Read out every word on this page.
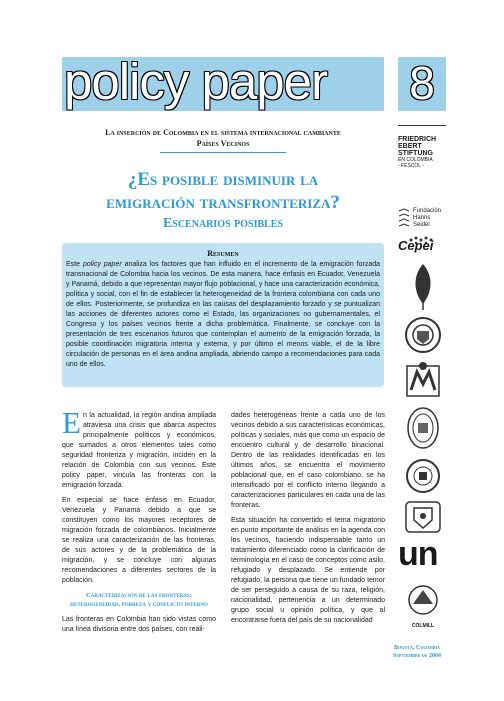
policy paper 8
La inserción de Colombia en el sistema internacional cambiante
Países Vecinos
¿Es posible disminuir la
emigración transfronteriza?
Escenarios posibles
Resumen
Este policy paper analiza los factores que han influido en el incremento de la emigración forzada transnacional de Colombia hacia los vecinos. De esta manera, hace énfasis en Ecuador, Venezuela y Panamá, debido a que representan mayor flujo poblacional, y hace una caracterización económica, política y social, con el fin de establecer la heterogeneidad de la frontera colombiana con cada uno de ellos. Posteriormente, se profundiza en las causas del desplazamiento forzado y se puntualizan las acciones de diferentes actores como el Estado, las organizaciones no gubernamentales, el Congreso y los países vecinos frente a dicha problemática. Finalmente, se concluye con la presentación de tres escenarios futuros que contemplan el aumento de la emigración forzada, la posible coordinación migratoria interna y externa, y por último el menos viable, el de la libre circulación de personas en el área andina ampliada, abriendo campo a recomendaciones para cada uno de ellos.

En la actualidad, la región andina ampliada atraviesa una crisis que abarca aspectos principalmente políticos y económicos, que sumados a otros elementos tales como seguridad fronteriza y migración, inciden en la relación de Colombia con sus vecinos. Este policy paper, vincula las fronteras con la emigración forzada.

En especial se hace énfasis en Ecuador, Venezuela y Panamá debido a que se constituyen como los mayores receptores de migración forzada de colombianos. Inicialmente se realiza una caracterización de las fronteras, de sus actores y de la problemática de la migración, y se concluye con algunas recomendaciones a diferentes sectores de la población.

Caracterización de las fronteras: heterogeneidad, pobreza y conflicto interno

Las fronteras en Colombia han sido vistas como una línea divisoria entre dos países, con reali-

dades heterogéneas frente a cada uno de los vecinos debido a sus características económicas, políticas y sociales, más que como un espacio de encuentro cultural y de desarrollo binacional. Dentro de las realidades identificadas en los últimos años, se encuentra el movimiento poblacional que, en el caso colombiano, se ha intensificado por el conflicto interno llegando a caracterizaciones particulares en cada una de las fronteras.

Esta situación ha convertido el tema migratorio en punto importante de análisis en la agenda con los vecinos, haciendo indispensable tanto un tratamiento diferenciado como la clarificación de terminología en el caso de conceptos como asilo, refugiado y desplazado. Se entiende por refugiado, la persona que tiene un fundado temor de ser perseguido a causa de su raza, religión, nacionalidad, pertenencia a un determinado grupo social u opinión política, y que al encontrarse fuera del país de su nacionalidad

FRIEDRICH
EBERT
STIFTUNG
EN COLOMBIA
- FESCOL -
Fundación
Hanns
Seidel
Cepei
un
COLMILL
Bogotá, Colombia
Septiembre de 2004
